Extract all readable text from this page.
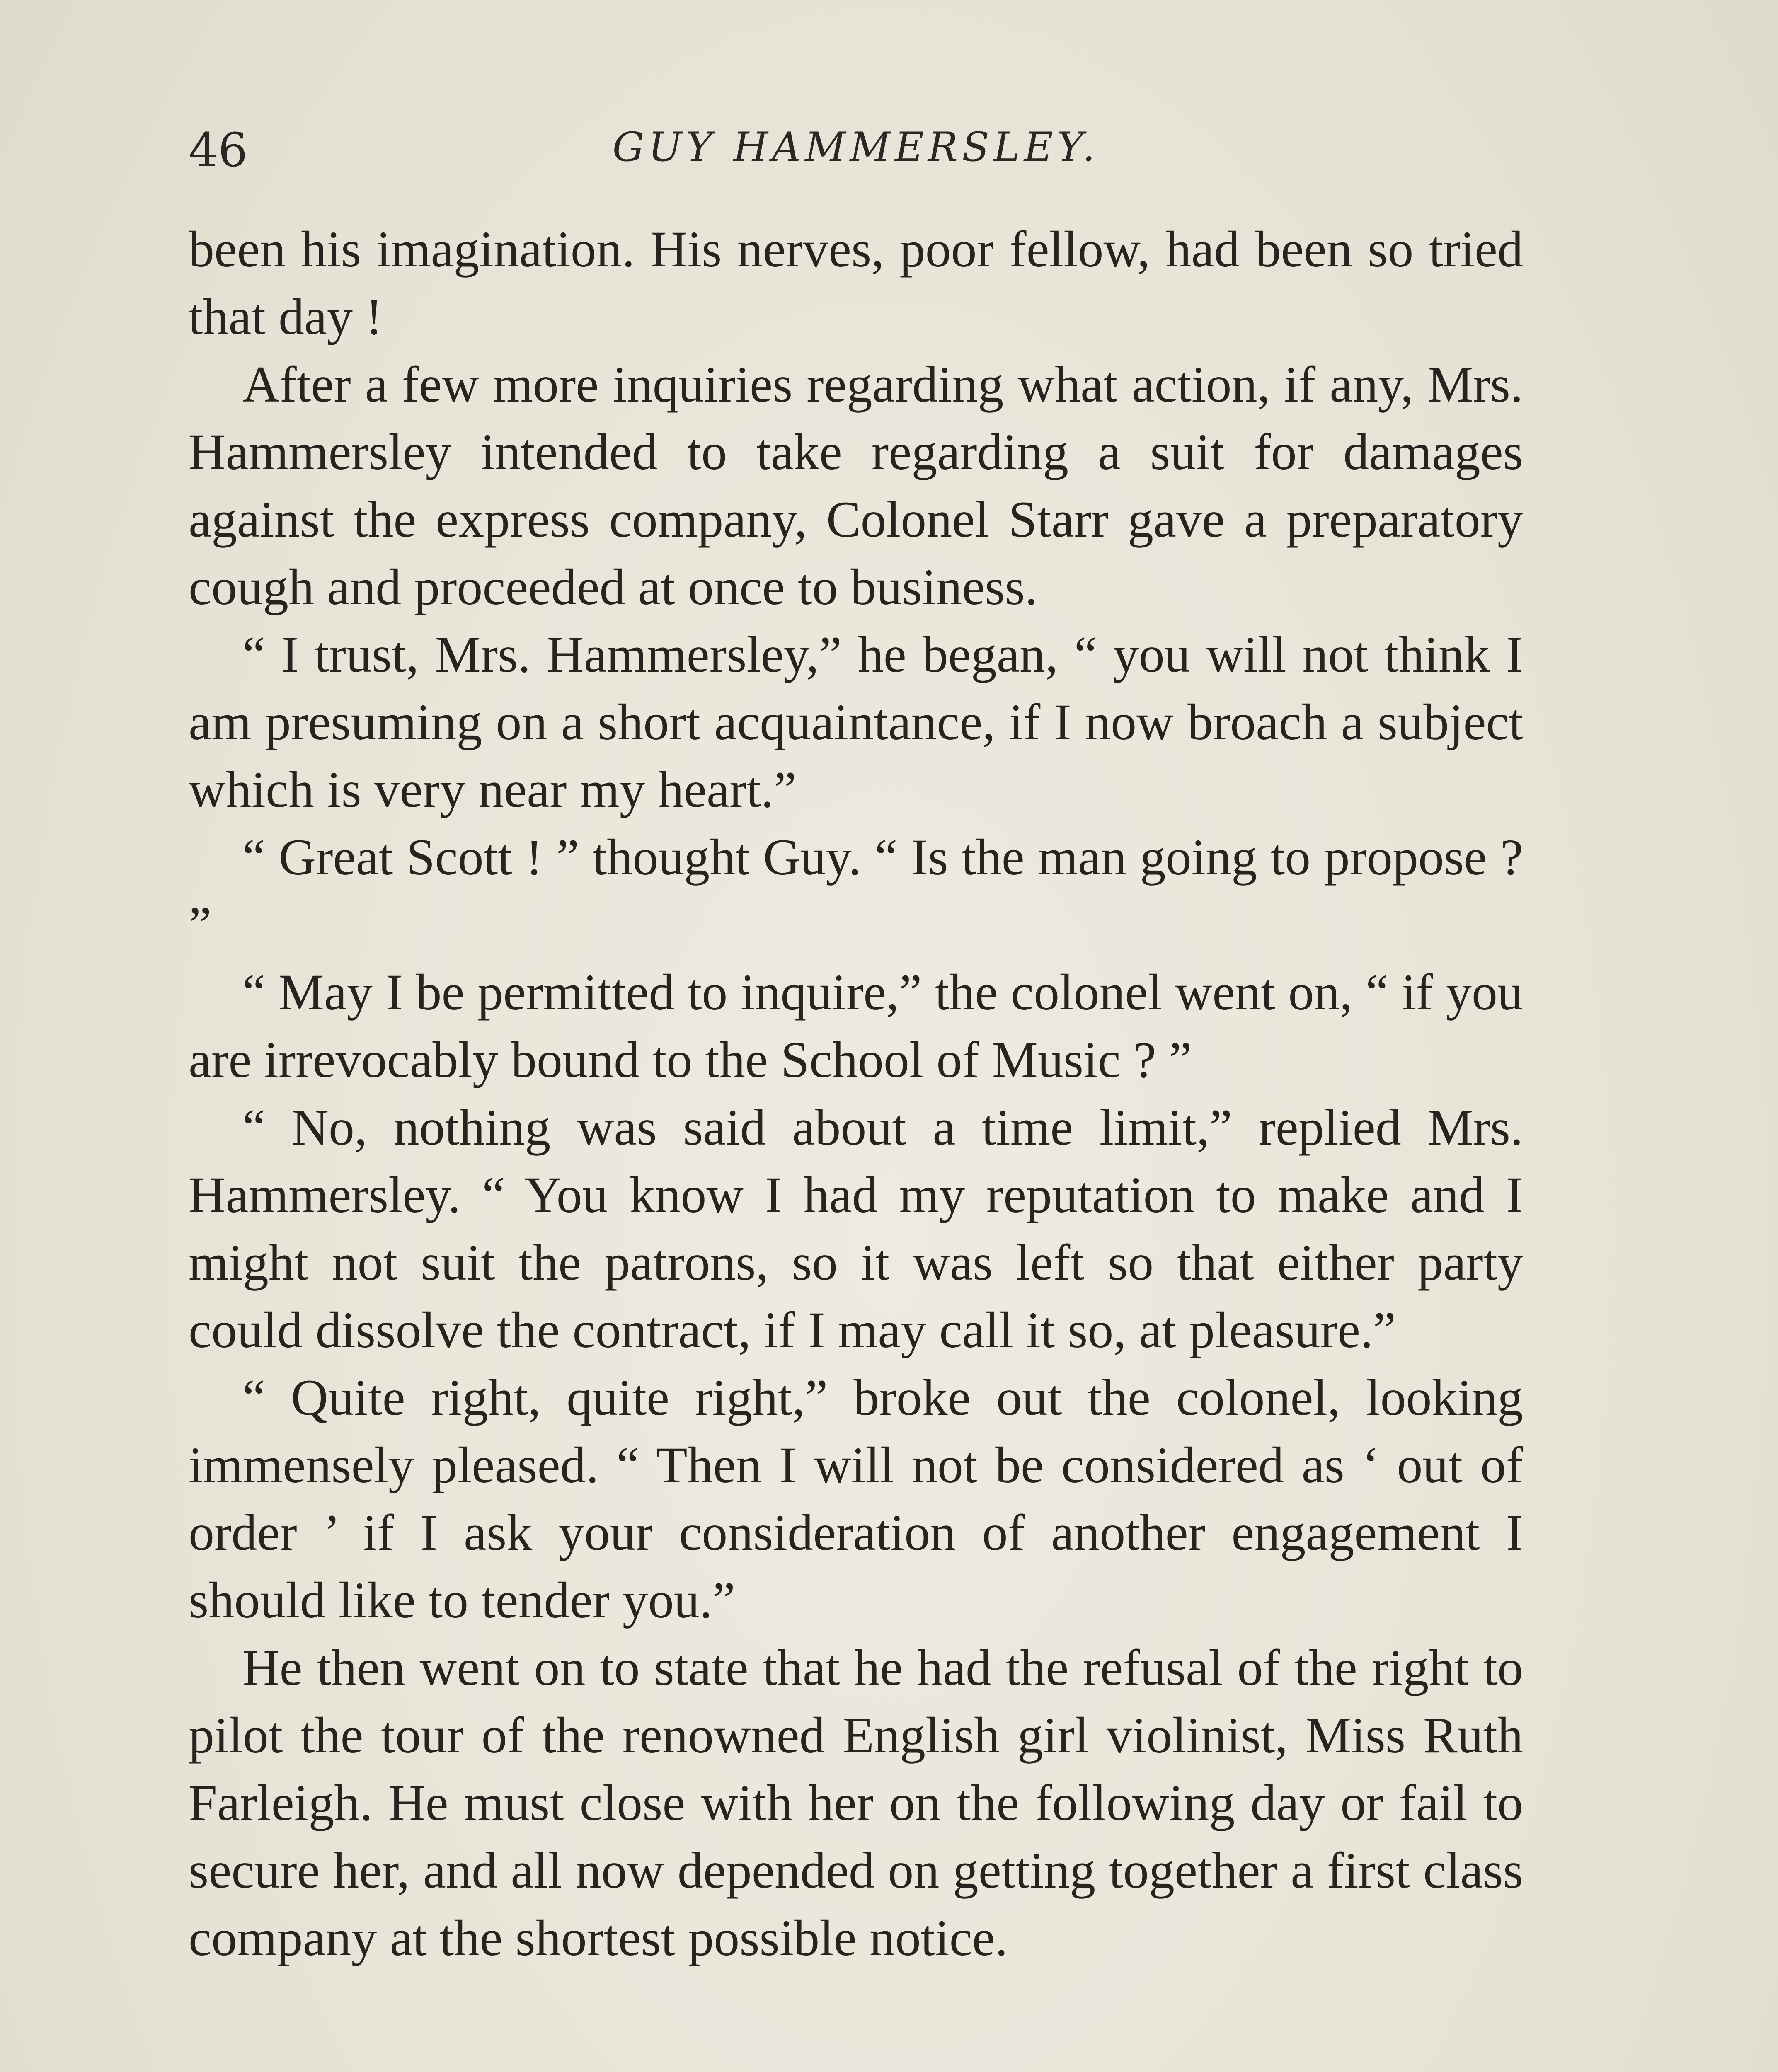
46	GUY HAMMERSLEY.

been his imagination. His nerves, poor fellow, had been so tried that day !

After a few more inquiries regarding what action, if any, Mrs. Hammersley intended to take regarding a suit for damages against the express company, Colonel Starr gave a preparatory cough and proceeded at once to business.

“ I trust, Mrs. Hammersley,” he began, “ you will not think I am presuming on a short acquaintance, if I now broach a subject which is very near my heart.”

“ Great Scott ! ” thought Guy. “ Is the man going to propose ? ”

“ May I be permitted to inquire,” the colonel went on, “ if you are irrevocably bound to the School of Music ? ”

“ No, nothing was said about a time limit,” replied Mrs. Hammersley. “ You know I had my reputation to make and I might not suit the patrons, so it was left so that either party could dissolve the contract, if I may call it so, at pleasure.”

“ Quite right, quite right,” broke out the colonel, looking immensely pleased. “ Then I will not be considered as ‘ out of order ’ if I ask your consideration of another engagement I should like to tender you.”

He then went on to state that he had the refusal of the right to pilot the tour of the renowned English girl violinist, Miss Ruth Farleigh. He must close with her on the following day or fail to secure her, and all now depended on getting together a first class company at the shortest possible notice.
